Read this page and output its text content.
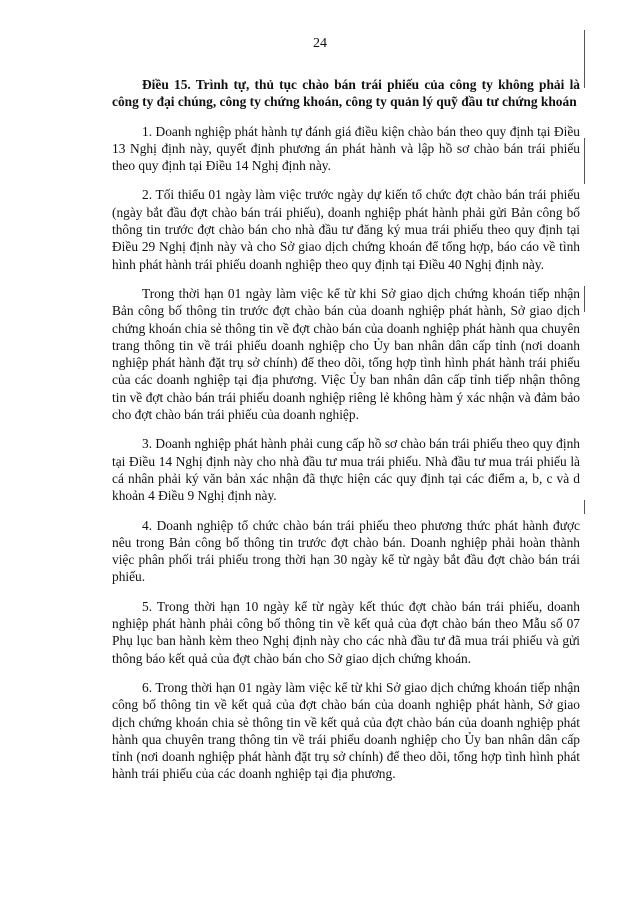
24

Điều 15. Trình tự, thủ tục chào bán trái phiếu của công ty không phải là công ty đại chúng, công ty chứng khoán, công ty quản lý quỹ đầu tư chứng khoán

1. Doanh nghiệp phát hành tự đánh giá điều kiện chào bán theo quy định tại Điều 13 Nghị định này, quyết định phương án phát hành và lập hồ sơ chào bán trái phiếu theo quy định tại Điều 14 Nghị định này.

2. Tối thiểu 01 ngày làm việc trước ngày dự kiến tổ chức đợt chào bán trái phiếu (ngày bắt đầu đợt chào bán trái phiếu), doanh nghiệp phát hành phải gửi Bản công bố thông tin trước đợt chào bán cho nhà đầu tư đăng ký mua trái phiếu theo quy định tại Điều 29 Nghị định này và cho Sở giao dịch chứng khoán để tổng hợp, báo cáo về tình hình phát hành trái phiếu doanh nghiệp theo quy định tại Điều 40 Nghị định này.

Trong thời hạn 01 ngày làm việc kể từ khi Sở giao dịch chứng khoán tiếp nhận Bản công bố thông tin trước đợt chào bán của doanh nghiệp phát hành, Sở giao dịch chứng khoán chia sẻ thông tin về đợt chào bán của doanh nghiệp phát hành qua chuyên trang thông tin về trái phiếu doanh nghiệp cho Ủy ban nhân dân cấp tỉnh (nơi doanh nghiệp phát hành đặt trụ sở chính) để theo dõi, tổng hợp tình hình phát hành trái phiếu của các doanh nghiệp tại địa phương. Việc Ủy ban nhân dân cấp tỉnh tiếp nhận thông tin về đợt chào bán trái phiếu doanh nghiệp riêng lẻ không hàm ý xác nhận và đảm bảo cho đợt chào bán trái phiếu của doanh nghiệp.

3. Doanh nghiệp phát hành phải cung cấp hồ sơ chào bán trái phiếu theo quy định tại Điều 14 Nghị định này cho nhà đầu tư mua trái phiếu. Nhà đầu tư mua trái phiếu là cá nhân phải ký văn bản xác nhận đã thực hiện các quy định tại các điểm a, b, c và d khoản 4 Điều 9 Nghị định này.

4. Doanh nghiệp tổ chức chào bán trái phiếu theo phương thức phát hành được nêu trong Bản công bố thông tin trước đợt chào bán. Doanh nghiệp phải hoàn thành việc phân phối trái phiếu trong thời hạn 30 ngày kể từ ngày bắt đầu đợt chào bán trái phiếu.

5. Trong thời hạn 10 ngày kể từ ngày kết thúc đợt chào bán trái phiếu, doanh nghiệp phát hành phải công bố thông tin về kết quả của đợt chào bán theo Mẫu số 07 Phụ lục ban hành kèm theo Nghị định này cho các nhà đầu tư đã mua trái phiếu và gửi thông báo kết quả của đợt chào bán cho Sở giao dịch chứng khoán.

6. Trong thời hạn 01 ngày làm việc kể từ khi Sở giao dịch chứng khoán tiếp nhận công bố thông tin về kết quả của đợt chào bán của doanh nghiệp phát hành, Sở giao dịch chứng khoán chia sẻ thông tin về kết quả của đợt chào bán của doanh nghiệp phát hành qua chuyên trang thông tin về trái phiếu doanh nghiệp cho Ủy ban nhân dân cấp tỉnh (nơi doanh nghiệp phát hành đặt trụ sở chính) để theo dõi, tổng hợp tình hình phát hành trái phiếu của các doanh nghiệp tại địa phương.
